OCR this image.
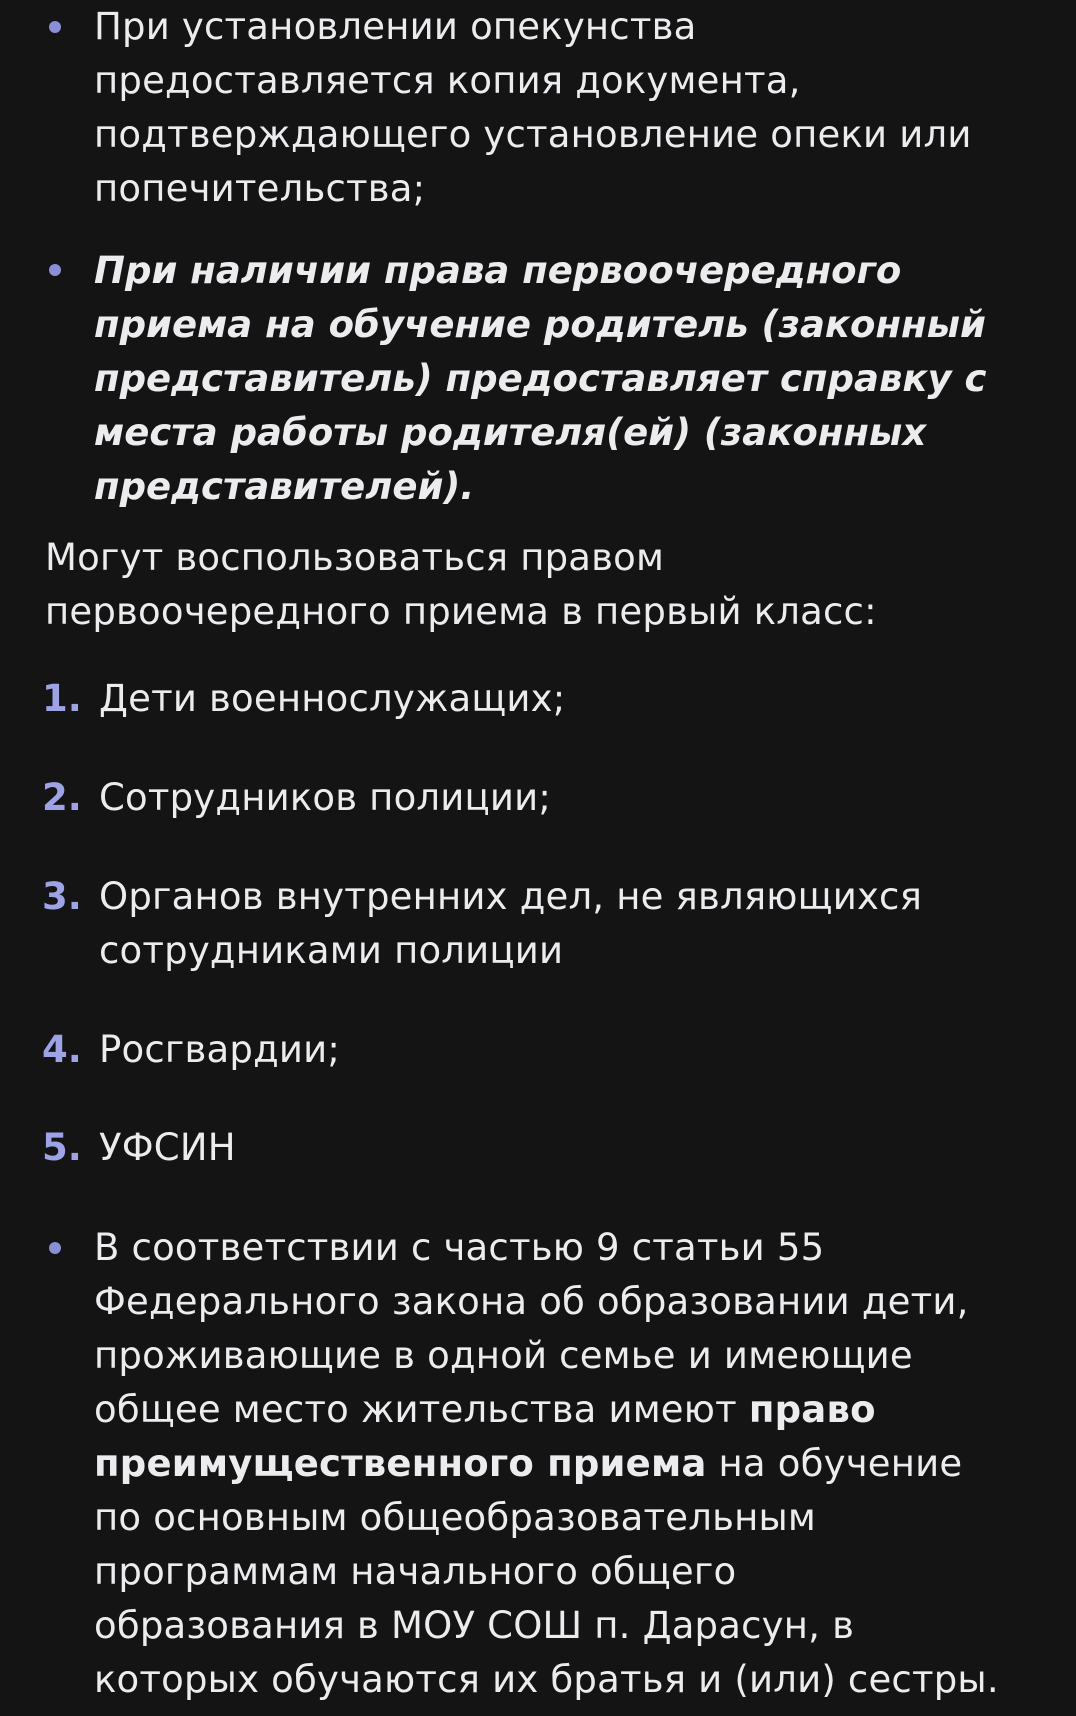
При установлении опекунства
предоставляется копия документа,
подтверждающего установление опеки или
попечительства;
При наличии права первоочередного
приема на обучение родитель (законный
представитель) предоставляет справку с
места работы родителя(ей) (законных
представителей).
Могут воспользоваться правом
первоочередного приема в первый класс:
1. Дети военнослужащих;
2. Сотрудников полиции;
3. Органов внутренних дел, не являющихся
сотрудниками полиции
4. Росгвардии;
5. УФСИН
В соответствии с частью 9 статьи 55
Федерального закона об образовании дети,
проживающие в одной семье и имеющие
общее место жительства имеют право
преимущественного приема на обучение
по основным общеобразовательным
программам начального общего
образования в МОУ СОШ п. Дарасун, в
которых обучаются их братья и (или) сестры.
